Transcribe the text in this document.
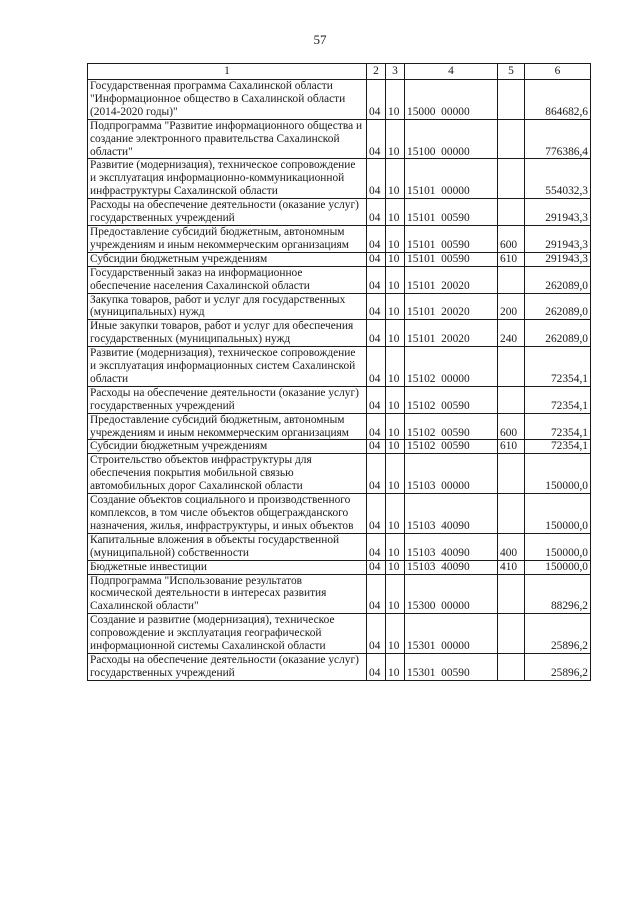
57
1	2	3	4	5	6
Государственная программа Сахалинской области "Информационное общество в Сахалинской области (2014-2020 годы)"	04	10	15000  00000		864682,6
Подпрограмма "Развитие информационного общества и создание электронного правительства Сахалинской области"	04	10	15100  00000		776386,4
Развитие (модернизация), техническое сопровождение и эксплуатация информационно-коммуникационной инфраструктуры Сахалинской области	04	10	15101  00000		554032,3
Расходы на обеспечение деятельности (оказание услуг) государственных учреждений	04	10	15101  00590		291943,3
Предоставление субсидий бюджетным, автономным учреждениям и иным некоммерческим организациям	04	10	15101  00590	600	291943,3
Субсидии бюджетным учреждениям	04	10	15101  00590	610	291943,3
Государственный заказ на информационное обеспечение населения Сахалинской области	04	10	15101  20020		262089,0
Закупка товаров, работ и услуг для государственных (муниципальных) нужд	04	10	15101  20020	200	262089,0
Иные закупки товаров, работ и услуг для обеспечения государственных (муниципальных) нужд	04	10	15101  20020	240	262089,0
Развитие (модернизация), техническое сопровождение и эксплуатация информационных систем Сахалинской области	04	10	15102  00000		72354,1
Расходы на обеспечение деятельности (оказание услуг) государственных учреждений	04	10	15102  00590		72354,1
Предоставление субсидий бюджетным, автономным учреждениям и иным некоммерческим организациям	04	10	15102  00590	600	72354,1
Субсидии бюджетным учреждениям	04	10	15102  00590	610	72354,1
Строительство объектов инфраструктуры для обеспечения покрытия мобильной связью автомобильных дорог Сахалинской области	04	10	15103  00000		150000,0
Создание объектов социального и производственного комплексов, в том числе объектов общегражданского назначения, жилья, инфраструктуры, и иных объектов	04	10	15103  40090		150000,0
Капитальные вложения в объекты государственной (муниципальной) собственности	04	10	15103  40090	400	150000,0
Бюджетные инвестиции	04	10	15103  40090	410	150000,0
Подпрограмма "Использование результатов космической деятельности в интересах развития Сахалинской области"	04	10	15300  00000		88296,2
Создание и развитие (модернизация), техническое сопровождение и эксплуатация географической информационной системы Сахалинской области	04	10	15301  00000		25896,2
Расходы на обеспечение деятельности (оказание услуг) государственных учреждений	04	10	15301  00590		25896,2
